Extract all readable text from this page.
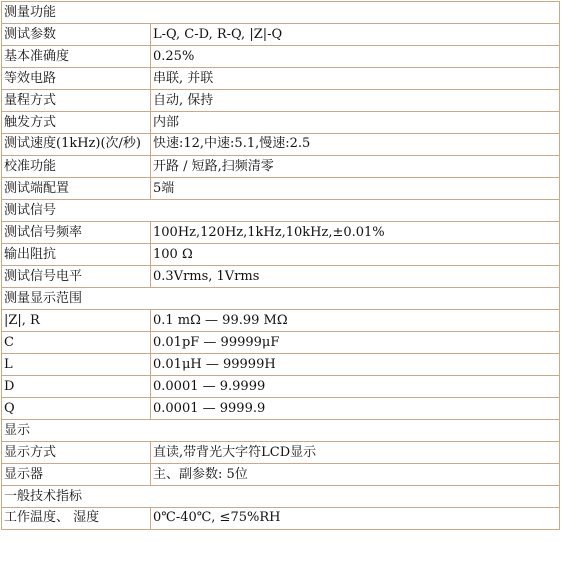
测量功能	
测试参数	L-Q, C-D, R-Q, |Z|-Q
基本准确度	0.25%
等效电路	串联, 并联
量程方式	自动, 保持
触发方式	内部
测试速度(1kHz)(次/秒)	快速:12,中速:5.1,慢速:2.5
校准功能	开路 / 短路,扫频清零
测试端配置	5端
测试信号	
测试信号频率	100Hz,120Hz,1kHz,10kHz,±0.01%
输出阻抗	100 Ω
测试信号电平	0.3Vrms, 1Vrms
测量显示范围	
|Z|, R	0.1 mΩ — 99.99 MΩ
C	0.01pF — 99999μF
L	0.01μH — 99999H
D	0.0001 — 9.9999
Q	0.0001 — 9999.9
显示	
显示方式	直读,带背光大字符LCD显示
显示器	主、副参数: 5位
一般技术指标	
工作温度、 湿度	0℃-40℃, ≤75%RH
